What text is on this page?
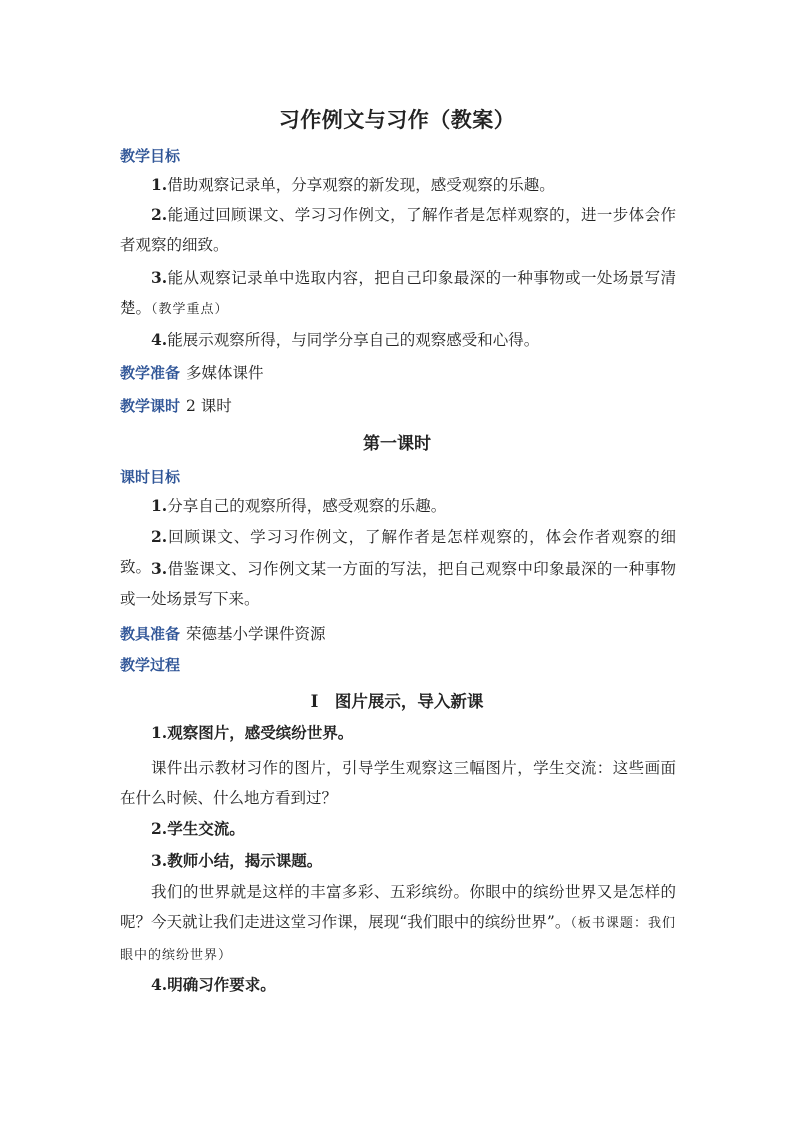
习作例文与习作（教案）
教学目标
1.借助观察记录单，分享观察的新发现，感受观察的乐趣。
2.能通过回顾课文、学习习作例文，了解作者是怎样观察的，进一步体会作者观察的细致。
3.能从观察记录单中选取内容，把自己印象最深的一种事物或一处场景写清楚。（教学重点）
4.能展示观察所得，与同学分享自己的观察感受和心得。
教学准备 多媒体课件
教学课时 2 课时
第一课时
课时目标
1.分享自己的观察所得，感受观察的乐趣。
2.回顾课文、学习习作例文，了解作者是怎样观察的，体会作者观察的细致。 3.借鉴课文、习作例文某一方面的写法，把自己观察中印象最深的一种事物或一处场景写下来。
教具准备 荣德基小学课件资源
教学过程
Ⅰ　图片展示，导入新课
1.观察图片，感受缤纷世界。
课件出示教材习作的图片，引导学生观察这三幅图片，学生交流：这些画面在什么时候、什么地方看到过？
2.学生交流。
3.教师小结，揭示课题。
我们的世界就是这样的丰富多彩、五彩缤纷。你眼中的缤纷世界又是怎样的呢？今天就让我们走进这堂习作课，展现“我们眼中的缤纷世界”。（板书课题：我们眼中的缤纷世界）
4.明确习作要求。
